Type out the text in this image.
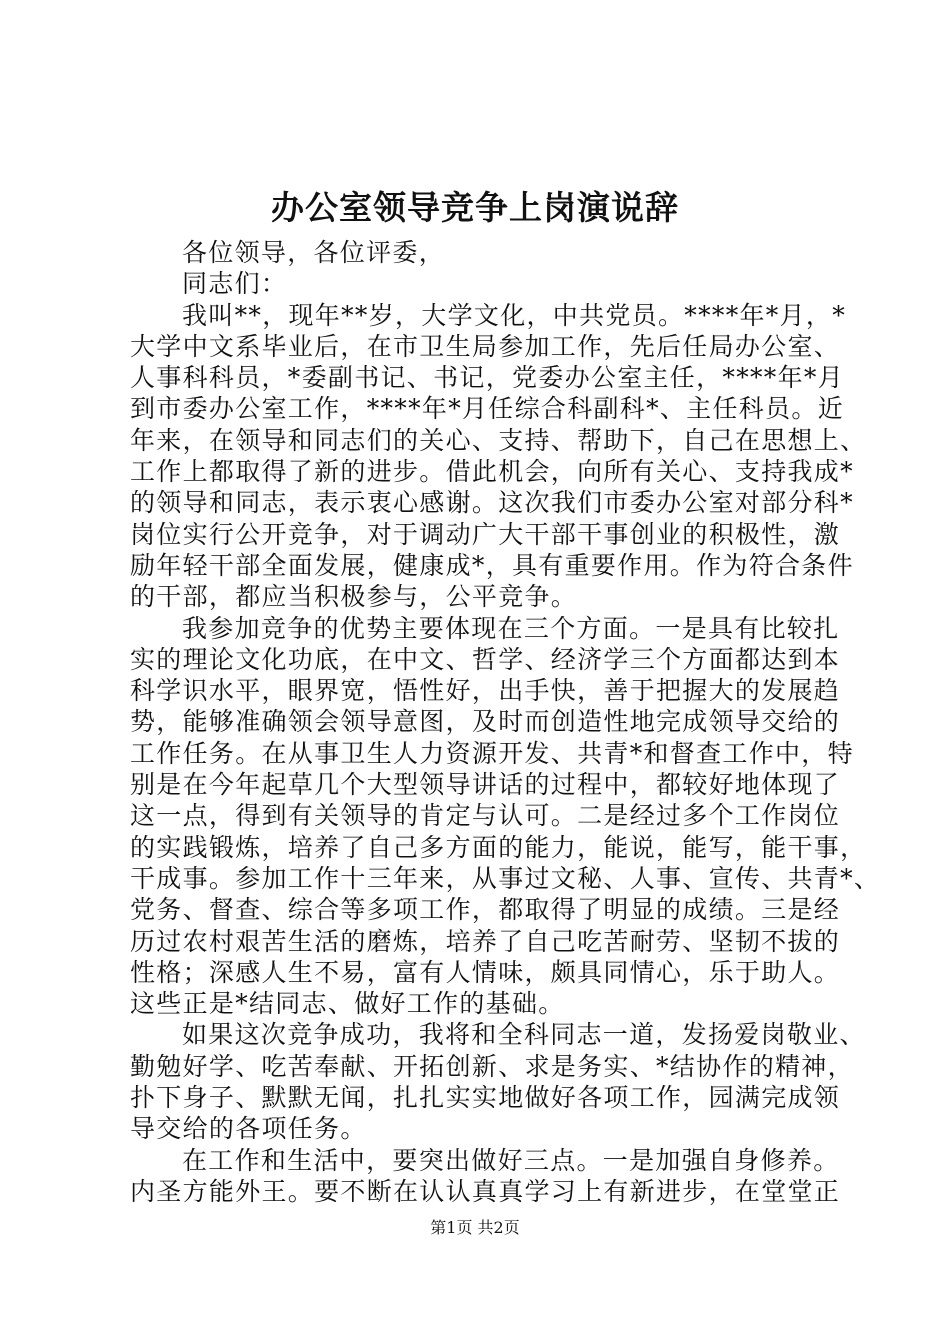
办公室领导竞争上岗演说辞
各位领导，各位评委，
同志们：
我叫**，现年**岁，大学文化，中共党员。****年*月，*
大学中文系毕业后，在市卫生局参加工作，先后任局办公室、
人事科科员，*委副书记、书记，党委办公室主任，****年*月
到市委办公室工作，****年*月任综合科副科*、主任科员。近
年来，在领导和同志们的关心、支持、帮助下，自己在思想上、
工作上都取得了新的进步。借此机会，向所有关心、支持我成*
的领导和同志，表示衷心感谢。这次我们市委办公室对部分科*
岗位实行公开竞争，对于调动广大干部干事创业的积极性，激
励年轻干部全面发展，健康成*，具有重要作用。作为符合条件
的干部，都应当积极参与，公平竞争。
我参加竞争的优势主要体现在三个方面。一是具有比较扎
实的理论文化功底，在中文、哲学、经济学三个方面都达到本
科学识水平，眼界宽，悟性好，出手快，善于把握大的发展趋
势，能够准确领会领导意图，及时而创造性地完成领导交给的
工作任务。在从事卫生人力资源开发、共青*和督查工作中，特
别是在今年起草几个大型领导讲话的过程中，都较好地体现了
这一点，得到有关领导的肯定与认可。二是经过多个工作岗位
的实践锻炼，培养了自己多方面的能力，能说，能写，能干事，
干成事。参加工作十三年来，从事过文秘、人事、宣传、共青*、
党务、督查、综合等多项工作，都取得了明显的成绩。三是经
历过农村艰苦生活的磨炼，培养了自己吃苦耐劳、坚韧不拔的
性格；深感人生不易，富有人情味，颇具同情心，乐于助人。
这些正是*结同志、做好工作的基础。
如果这次竞争成功，我将和全科同志一道，发扬爱岗敬业、
勤勉好学、吃苦奉献、开拓创新、求是务实、*结协作的精神，
扑下身子、默默无闻，扎扎实实地做好各项工作，园满完成领
导交给的各项任务。
在工作和生活中，要突出做好三点。一是加强自身修养。
内圣方能外王。要不断在认认真真学习上有新进步，在堂堂正
第1页 共2页
